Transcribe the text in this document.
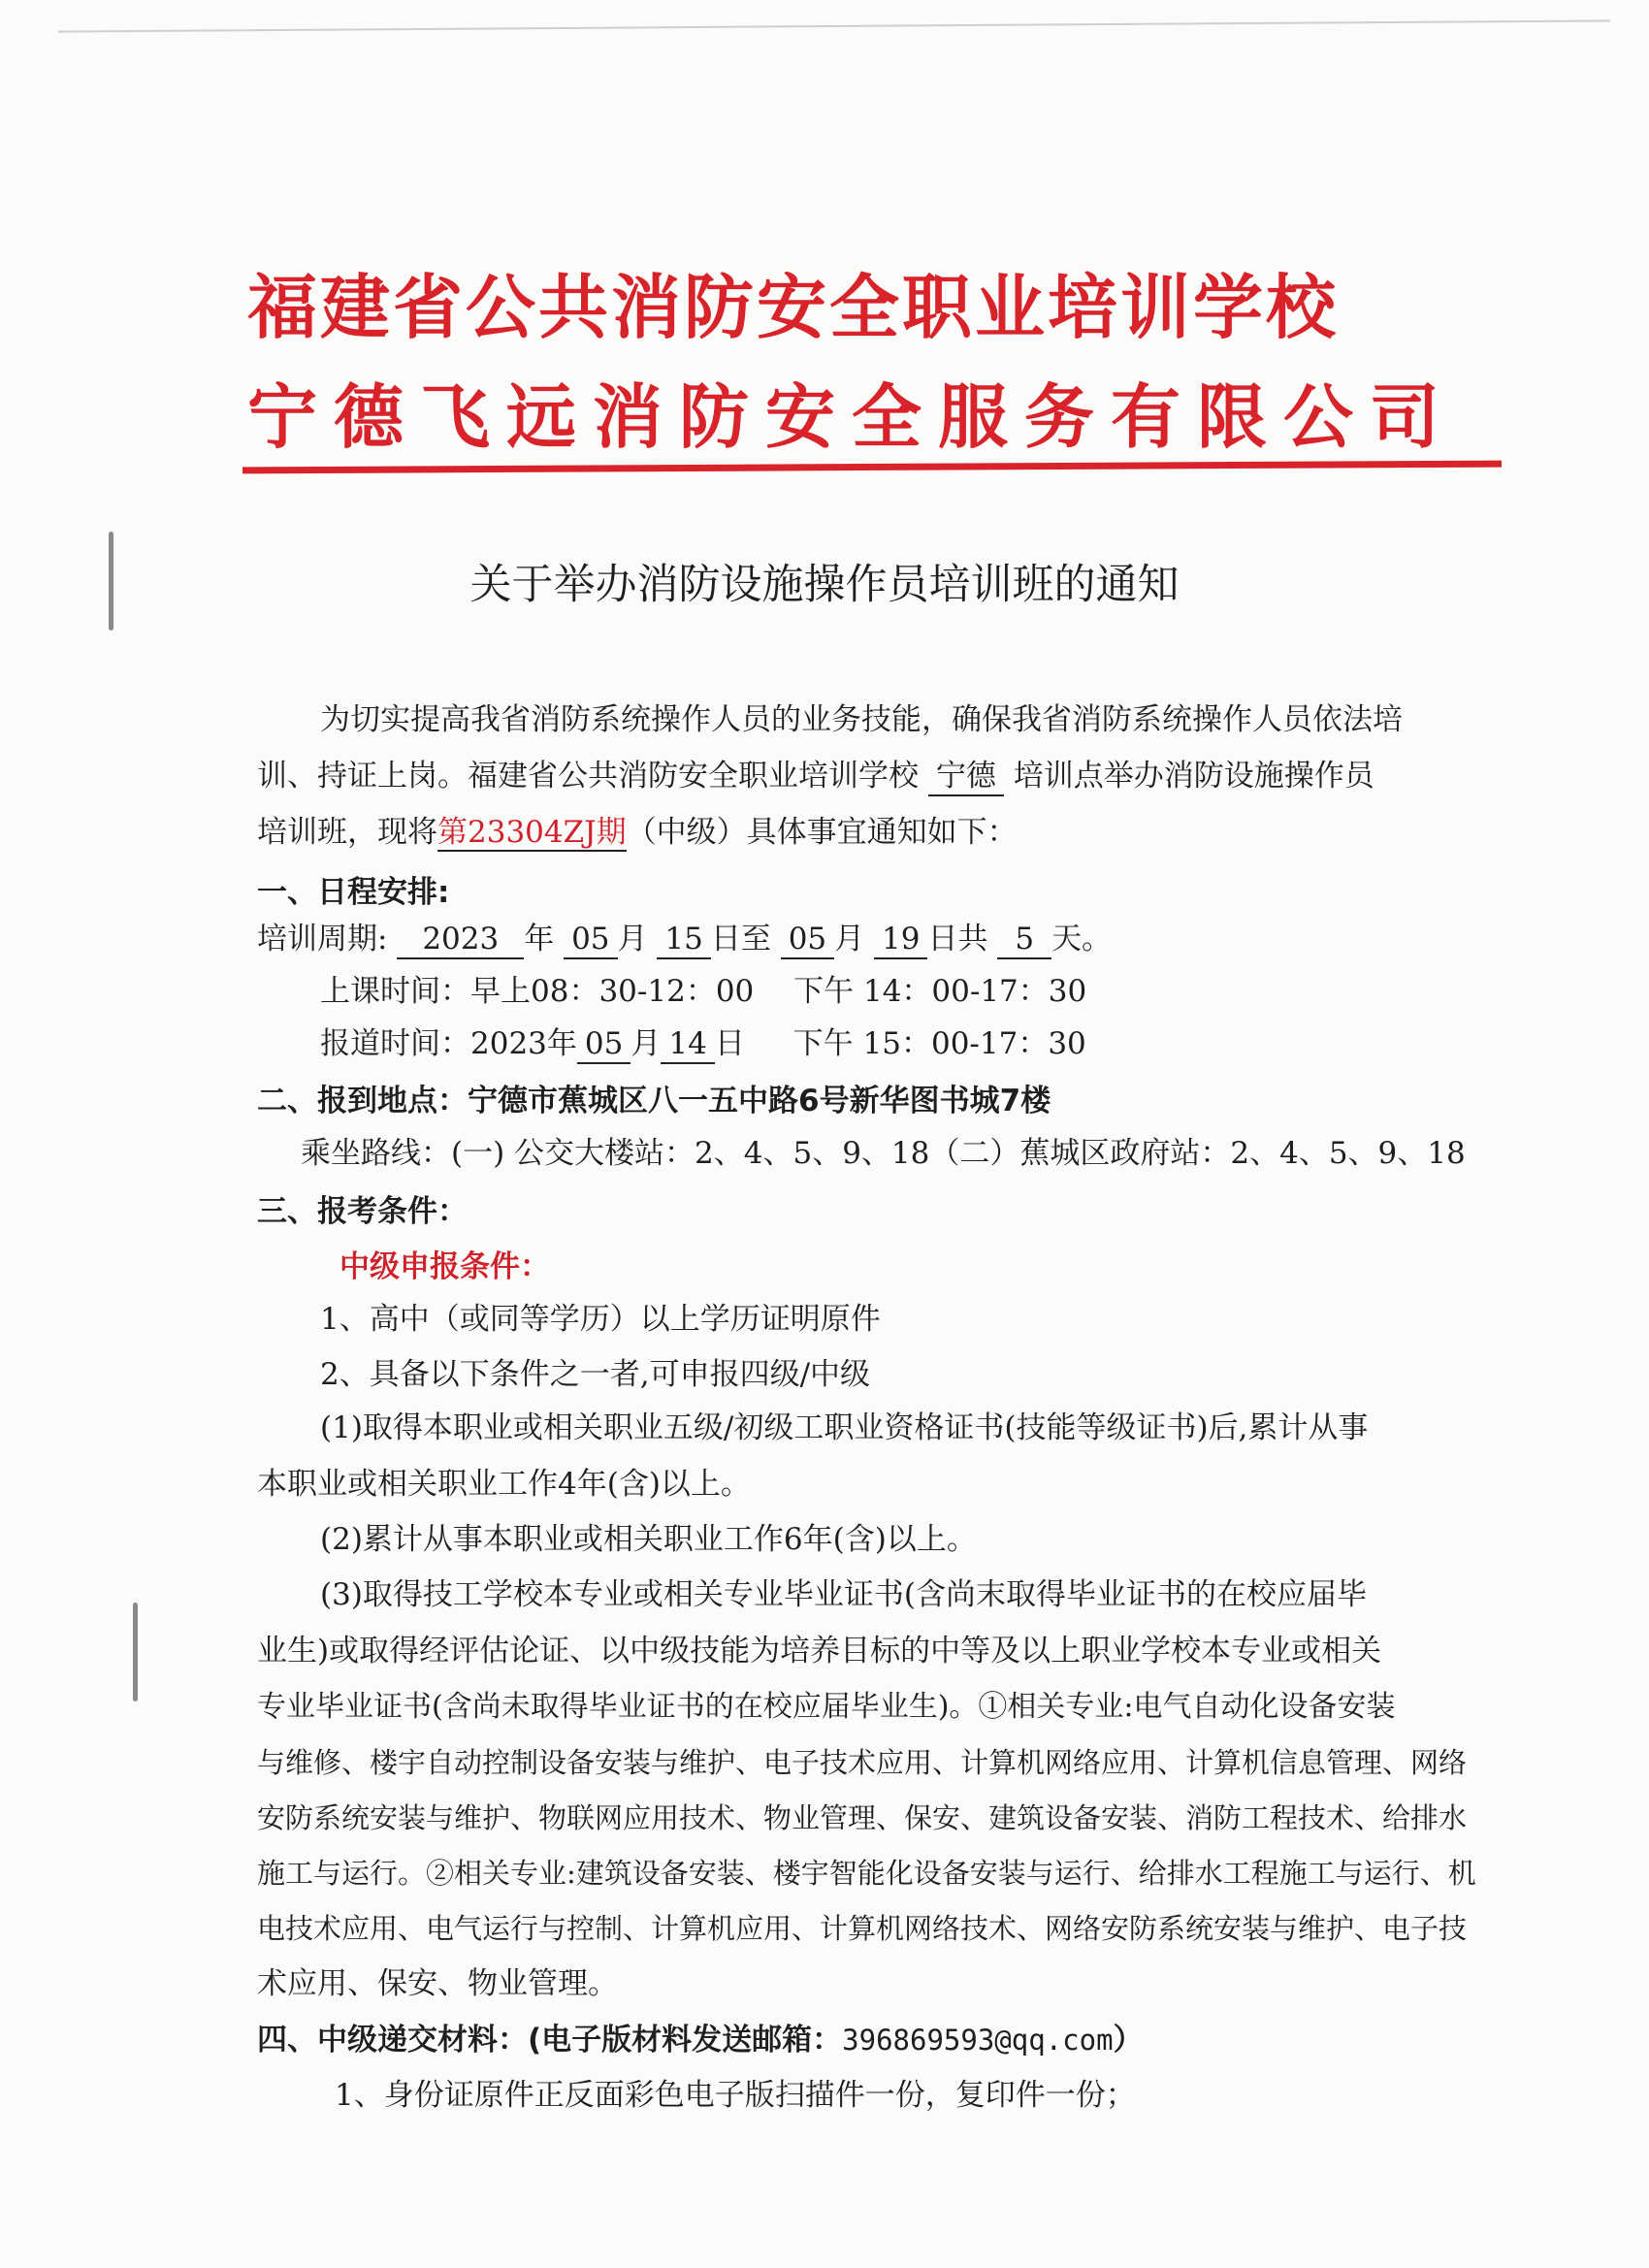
福建省公共消防安全职业培训学校
宁德飞远消防安全服务有限公司
关于举办消防设施操作员培训班的通知
为切实提高我省消防系统操作人员的业务技能，确保我省消防系统操作人员依法培
训、持证上岗。福建省公共消防安全职业培训学校 宁德 培训点举办消防设施操作员
培训班，现将第23304ZJ期（中级）具体事宜通知如下：
一、日程安排:
培训周期: 2023 年 05 月 15 日至 05 月 19 日共 5 天。
上课时间：早上08：30-12：00　 下午 14：00-17：30
报道时间：2023年 05 月 14 日 下午 15：00-17：30
二、报到地点：宁德市蕉城区八一五中路6号新华图书城7楼
乘坐路线：(一) 公交大楼站：2、4、5、9、18（二）蕉城区政府站：2、4、5、9、18
三、报考条件：
中级申报条件：
1、高中（或同等学历）以上学历证明原件
2、具备以下条件之一者,可申报四级/中级
(1)取得本职业或相关职业五级/初级工职业资格证书(技能等级证书)后,累计从事
本职业或相关职业工作4年(含)以上。
(2)累计从事本职业或相关职业工作6年(含)以上。
(3)取得技工学校本专业或相关专业毕业证书(含尚末取得毕业证书的在校应届毕
业生)或取得经评估论证、以中级技能为培养目标的中等及以上职业学校本专业或相关
专业毕业证书(含尚未取得毕业证书的在校应届毕业生)。①相关专业:电气自动化设备安装
与维修、楼宇自动控制设备安装与维护、电子技术应用、计算机网络应用、计算机信息管理、网络
安防系统安装与维护、物联网应用技术、物业管理、保安、建筑设备安装、消防工程技术、给排水
施工与运行。②相关专业:建筑设备安装、楼宇智能化设备安装与运行、给排水工程施工与运行、机
电技术应用、电气运行与控制、计算机应用、计算机网络技术、网络安防系统安装与维护、电子技
术应用、保安、物业管理。
四、中级递交材料：(电子版材料发送邮箱：396869593@qq.com）
1、身份证原件正反面彩色电子版扫描件一份，复印件一份；
